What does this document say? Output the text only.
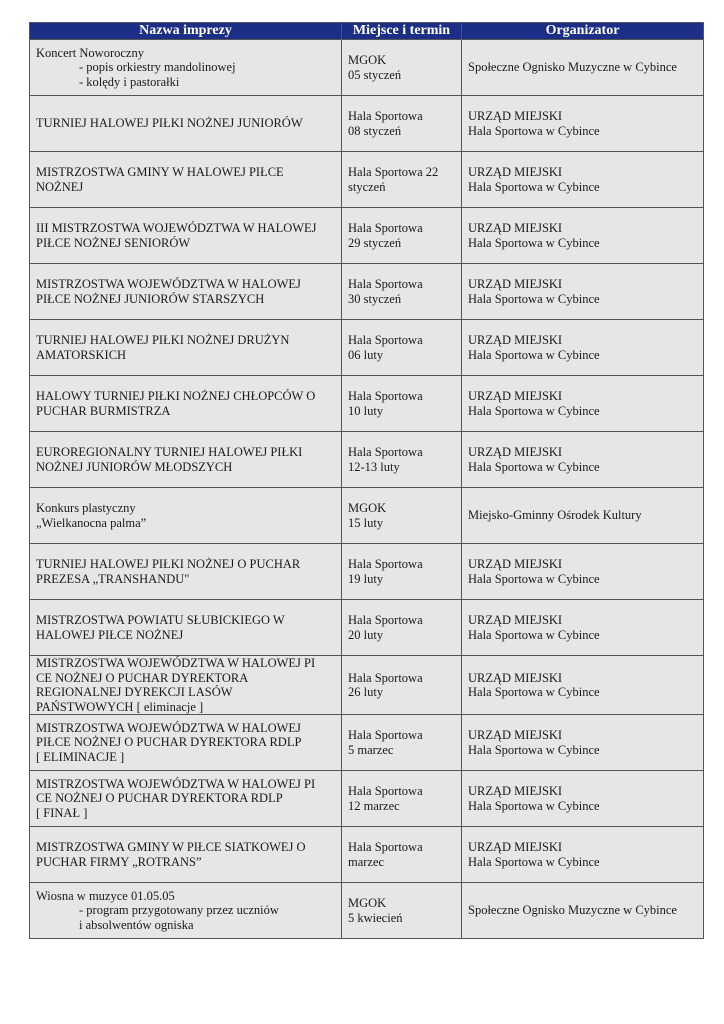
Nazwa imprezy	Miejsce i termin	Organizator

Koncert Noworoczny
- popis orkiestry mandolinowej
- kolędy i pastorałki	MGOK
05 styczeń	Społeczne Ognisko Muzyczne w Cybince

TURNIEJ HALOWEJ PIŁKI NOŻNEJ JUNIORÓW	Hala Sportowa
08 styczeń	URZĄD MIEJSKI
Hala Sportowa w Cybince

MISTRZOSTWA GMINY W HALOWEJ PIŁCE
NOŻNEJ	Hala Sportowa 22
styczeń	URZĄD MIEJSKI
Hala Sportowa w Cybince

III MISTRZOSTWA WOJEWÓDZTWA W HALOWEJ
PIŁCE NOŻNEJ SENIORÓW	Hala Sportowa
29 styczeń	URZĄD MIEJSKI
Hala Sportowa w Cybince

MISTRZOSTWA WOJEWÓDZTWA W HALOWEJ
PIŁCE NOŻNEJ JUNIORÓW STARSZYCH	Hala Sportowa
30 styczeń	URZĄD MIEJSKI
Hala Sportowa w Cybince

TURNIEJ HALOWEJ PIŁKI NOŻNEJ DRUŻYN
AMATORSKICH	Hala Sportowa
06 luty	URZĄD MIEJSKI
Hala Sportowa w Cybince

HALOWY TURNIEJ PIŁKI NOŻNEJ CHŁOPCÓW O
PUCHAR BURMISTRZA	Hala Sportowa
10 luty	URZĄD MIEJSKI
Hala Sportowa w Cybince

EUROREGIONALNY TURNIEJ HALOWEJ PIŁKI
NOŻNEJ JUNIORÓW MŁODSZYCH	Hala Sportowa
12-13 luty	URZĄD MIEJSKI
Hala Sportowa w Cybince

Konkurs plastyczny
„Wielkanocna palma”	MGOK
15 luty	Miejsko-Gminny Ośrodek Kultury

TURNIEJ HALOWEJ PIŁKI NOŻNEJ O PUCHAR
PREZESA „TRANSHANDU"	Hala Sportowa
19 luty	URZĄD MIEJSKI
Hala Sportowa w Cybince

MISTRZOSTWA POWIATU SŁUBICKIEGO W
HALOWEJ PIŁCE NOŻNEJ	Hala Sportowa
20 luty	URZĄD MIEJSKI
Hala Sportowa w Cybince

MISTRZOSTWA WOJEWÓDZTWA W HALOWEJ PI
CE NOŻNEJ O PUCHAR DYREKTORA
REGIONALNEJ DYREKCJI LASÓW
PAŃSTWOWYCH [ eliminacje ]	Hala Sportowa
26 luty	URZĄD MIEJSKI
Hala Sportowa w Cybince

MISTRZOSTWA WOJEWÓDZTWA W HALOWEJ
PIŁCE NOŻNEJ O PUCHAR DYREKTORA RDLP
[ ELIMINACJE ]	Hala Sportowa
5 marzec	URZĄD MIEJSKI
Hala Sportowa w Cybince

MISTRZOSTWA WOJEWÓDZTWA W HALOWEJ PI
CE NOŻNEJ O PUCHAR DYREKTORA RDLP
[ FINAŁ ]	Hala Sportowa
12 marzec	URZĄD MIEJSKI
Hala Sportowa w Cybince

MISTRZOSTWA GMINY W PIŁCE SIATKOWEJ O
PUCHAR FIRMY „ROTRANS”	Hala Sportowa
marzec	URZĄD MIEJSKI
Hala Sportowa w Cybince

Wiosna w muzyce 01.05.05
- program przygotowany przez uczniów
i absolwentów ogniska	MGOK
5 kwiecień	Społeczne Ognisko Muzyczne w Cybince
